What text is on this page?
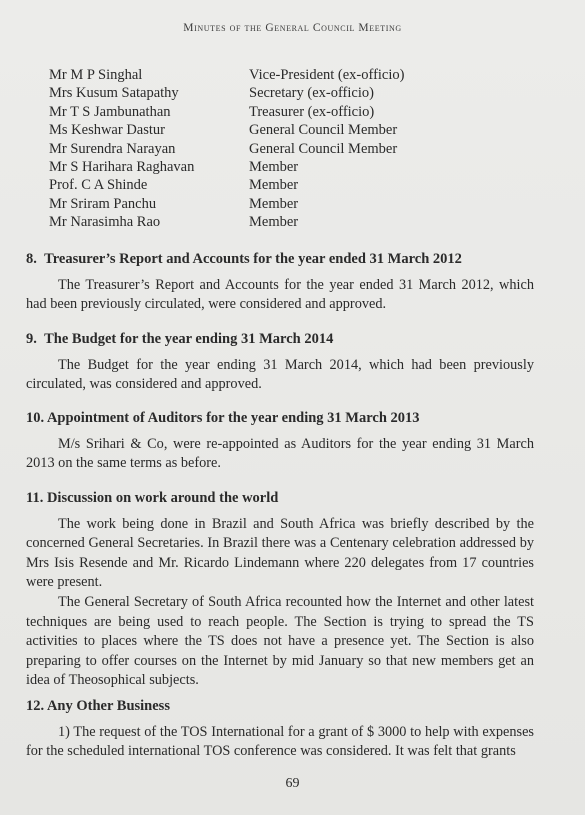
Minutes of the General Council Meeting
Mr M P Singhal	Vice-President (ex-officio)
Mrs Kusum Satapathy	Secretary (ex-officio)
Mr T S Jambunathan	Treasurer (ex-officio)
Ms Keshwar Dastur	General Council Member
Mr Surendra Narayan	General Council Member
Mr S Harihara Raghavan	Member
Prof. C A Shinde	Member
Mr Sriram Panchu	Member
Mr Narasimha Rao	Member
8.  Treasurer’s Report and Accounts for the year ended 31 March 2012

The Treasurer’s Report and Accounts for the year ended 31 March 2012, which had been previously circulated, were considered and approved.

9.  The Budget for the year ending 31 March 2014

The Budget for the year ending 31 March 2014, which had been previously circulated, was considered and approved.

10. Appointment of Auditors for the year ending 31 March 2013

M/s Srihari & Co, were re-appointed as Auditors for the year ending 31 March 2013 on the same terms as before.

11. Discussion on work around the world

The work being done in Brazil and South Africa was briefly described by the concerned General Secretaries. In Brazil there was a Centenary celebration addressed by Mrs Isis Resende and Mr. Ricardo Lindemann where 220 delegates from 17 countries were present.

The General Secretary of South Africa recounted how the Internet and other latest techniques are being used to reach people. The Section is trying to spread the TS activities to places where the TS does not have a presence yet. The Section is also preparing to offer courses on the Internet by mid January so that new members get an idea of Theosophical subjects.

12. Any Other Business

1) The request of the TOS International for a grant of $ 3000 to help with expenses for the scheduled international TOS conference was considered. It was felt that grants

69
